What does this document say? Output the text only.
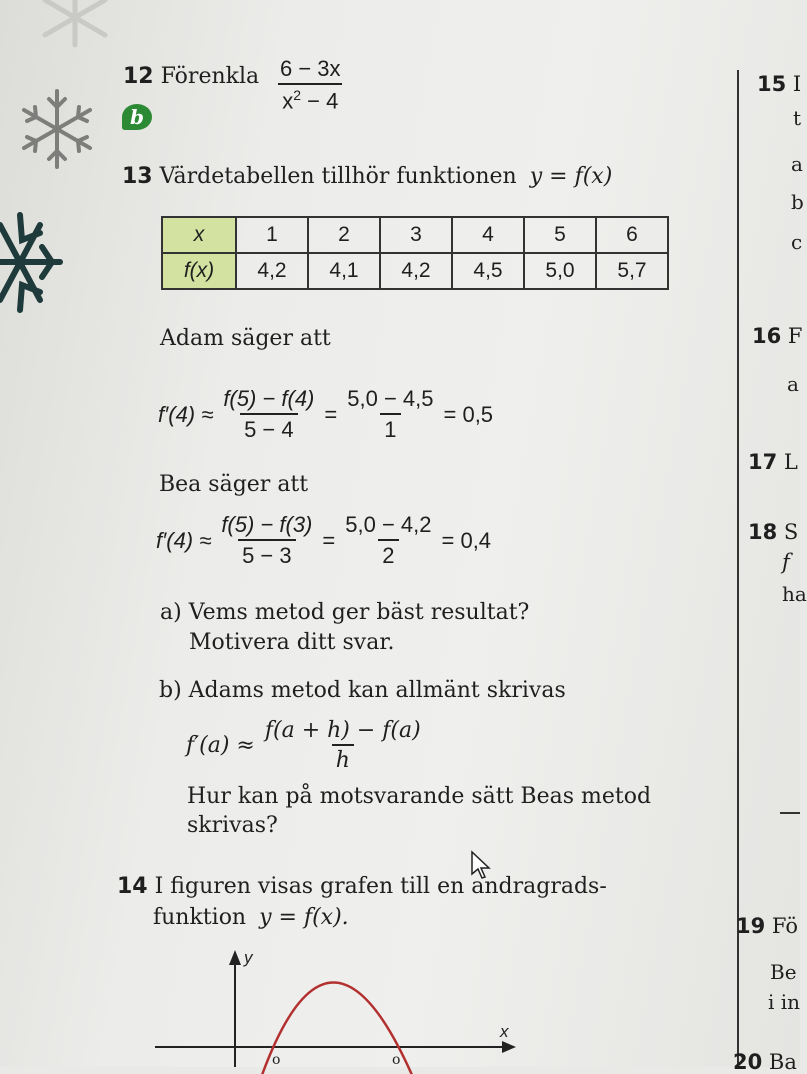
12 Förenkla $\frac{6 - 3x}{x^2 - 4}$
b
13 Värdetabellen tillhör funktionen y = f(x)
x	1	2	3	4	5	6
f(x)	4,2	4,1	4,2	4,5	5,0	5,7
Adam säger att
$f'(4) \approx \frac{f(5) - f(4)}{5 - 4} = \frac{5,0 - 4,5}{1} = 0,5$
Bea säger att
$f'(4) \approx \frac{f(5) - f(3)}{5 - 3} = \frac{5,0 - 4,2}{2} = 0,4$
a) Vems metod ger bäst resultat?
Motivera ditt svar.
b) Adams metod kan allmänt skrivas
$f'(a) \approx \frac{f(a + h) - f(a)}{h}$
Hur kan på motsvarande sätt Beas metod
skrivas?
14 I figuren visas grafen till en andragrads-
funktion y = f(x).
y
x
o	o
15 I
t
a
b
c
16 F
a
17 L
18 S
f
ha
19 Fö
Be
i in
20 Ba
